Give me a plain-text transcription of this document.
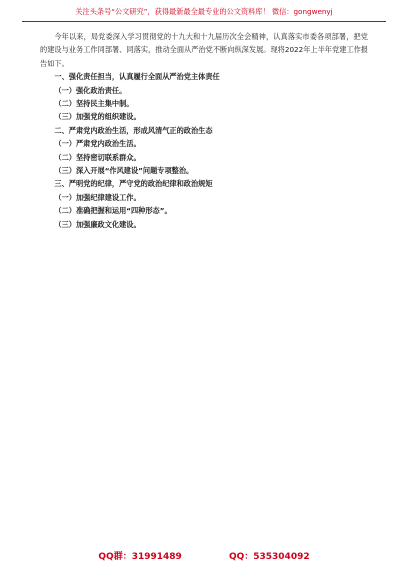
关注头条号“公文研究”，获得最新最全最专业的公文资料库！ 微信：gongwenyj

今年以来，局党委深入学习贯彻党的十九大和十九届历次全会精神，认真落实市委各项部署，把党的建设与业务工作同部署、同落实，推动全面从严治党不断向纵深发展。现将2022年上半年党建工作报告如下。

一、强化责任担当，认真履行全面从严治党主体责任

（一）强化政治责任。

（二）坚持民主集中制。

（三）加强党的组织建设。

二、严肃党内政治生活，形成风清气正的政治生态

（一）严肃党内政治生活。

（二）坚持密切联系群众。

（三）深入开展“作风建设”问题专项整治。

三、严明党的纪律，严守党的政治纪律和政治规矩

（一）加强纪律建设工作。

（二）准确把握和运用“四种形态”。

（三）加强廉政文化建设。

QQ群：31991489	QQ：535304092
